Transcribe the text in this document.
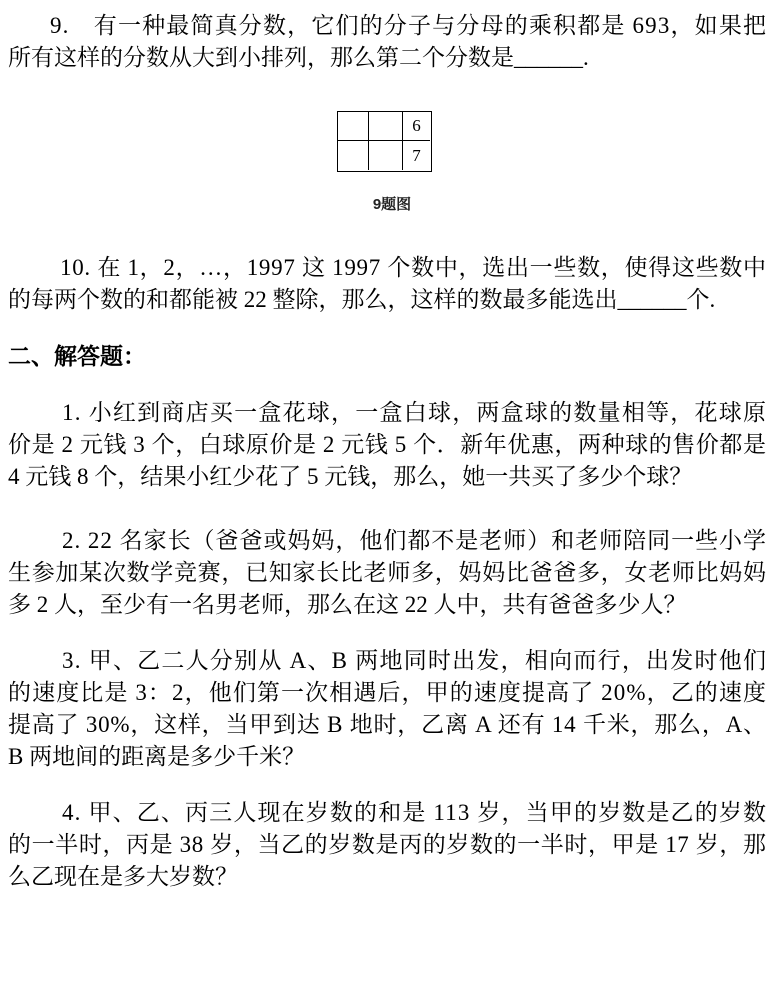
9.　有一种最简真分数，它们的分子与分母的乘积都是 693，如果把
所有这样的分数从大到小排列，那么第二个分数是______.
6
7
9题图
10. 在 1，2，…，1997 这 1997 个数中，选出一些数，使得这些数中
的每两个数的和都能被 22 整除，那么，这样的数最多能选出______个.
二、解答题：
1. 小红到商店买一盒花球，一盒白球，两盒球的数量相等，花球原
价是 2 元钱 3 个，白球原价是 2 元钱 5 个．新年优惠，两种球的售价都是
4 元钱 8 个，结果小红少花了 5 元钱，那么，她一共买了多少个球？
2. 22 名家长（爸爸或妈妈，他们都不是老师）和老师陪同一些小学
生参加某次数学竞赛，已知家长比老师多，妈妈比爸爸多，女老师比妈妈
多 2 人，至少有一名男老师，那么在这 22 人中，共有爸爸多少人？
3. 甲、乙二人分别从 A、B 两地同时出发，相向而行，出发时他们
的速度比是 3：2，他们第一次相遇后，甲的速度提高了 20%，乙的速度
提高了 30%，这样，当甲到达 B 地时，乙离 A 还有 14 千米，那么，A、
B 两地间的距离是多少千米？
4. 甲、乙、丙三人现在岁数的和是 113 岁，当甲的岁数是乙的岁数
的一半时，丙是 38 岁，当乙的岁数是丙的岁数的一半时，甲是 17 岁，那
么乙现在是多大岁数？
